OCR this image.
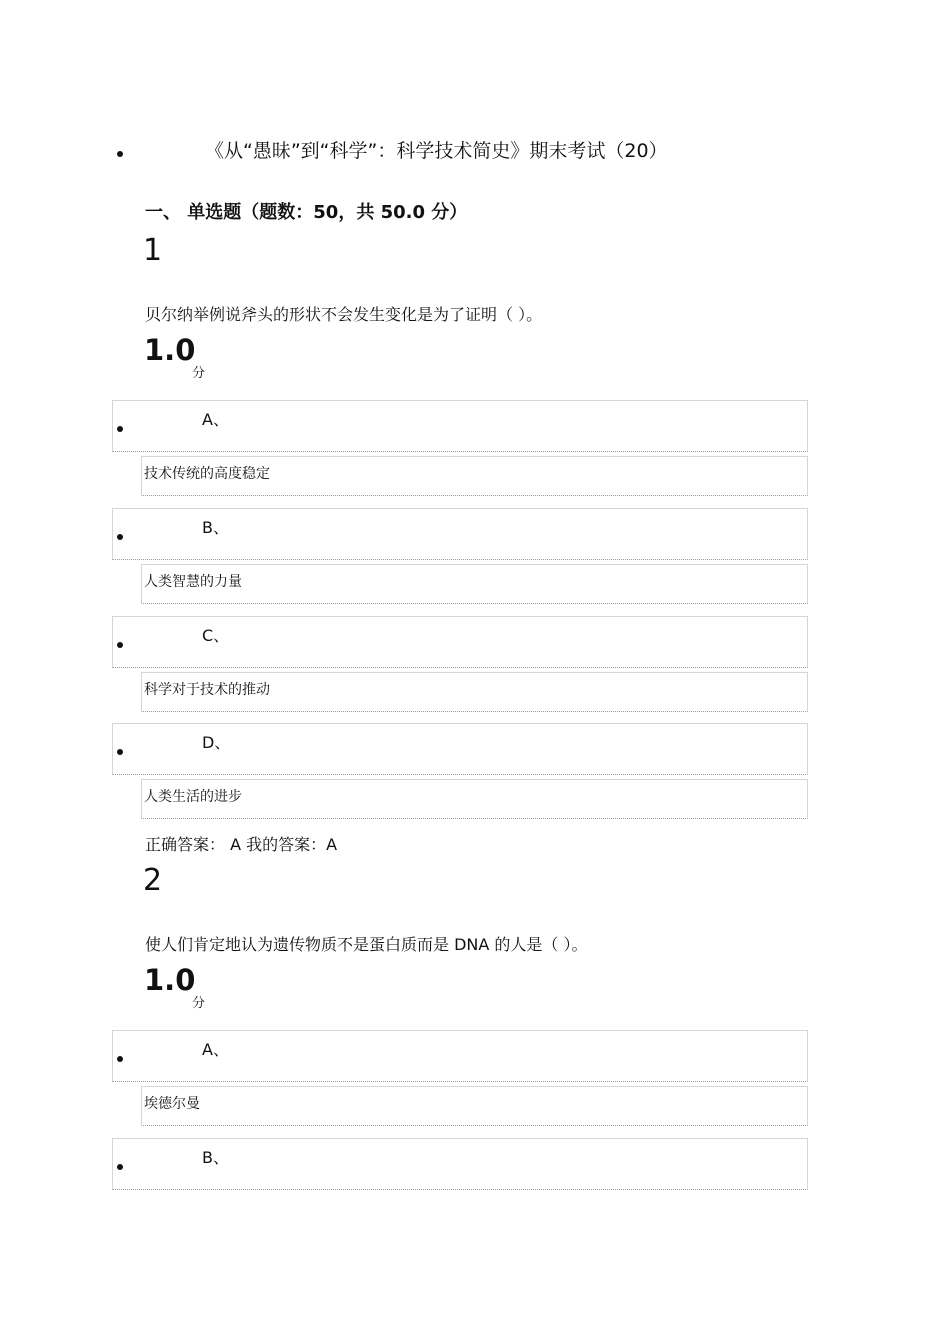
《从“愚昧”到“科学”：科学技术简史》期末考试（20）
一、 单选题（题数：50，共 50.0 分）
1
贝尔纳举例说斧头的形状不会发生变化是为了证明（ ）。
1.0
分
A、
技术传统的高度稳定
B、
人类智慧的力量
C、
科学对于技术的推动
D、
人类生活的进步
正确答案： A 我的答案：A
2
使人们肯定地认为遗传物质不是蛋白质而是 DNA 的人是（ ）。
1.0
分
A、
埃德尔曼
B、
